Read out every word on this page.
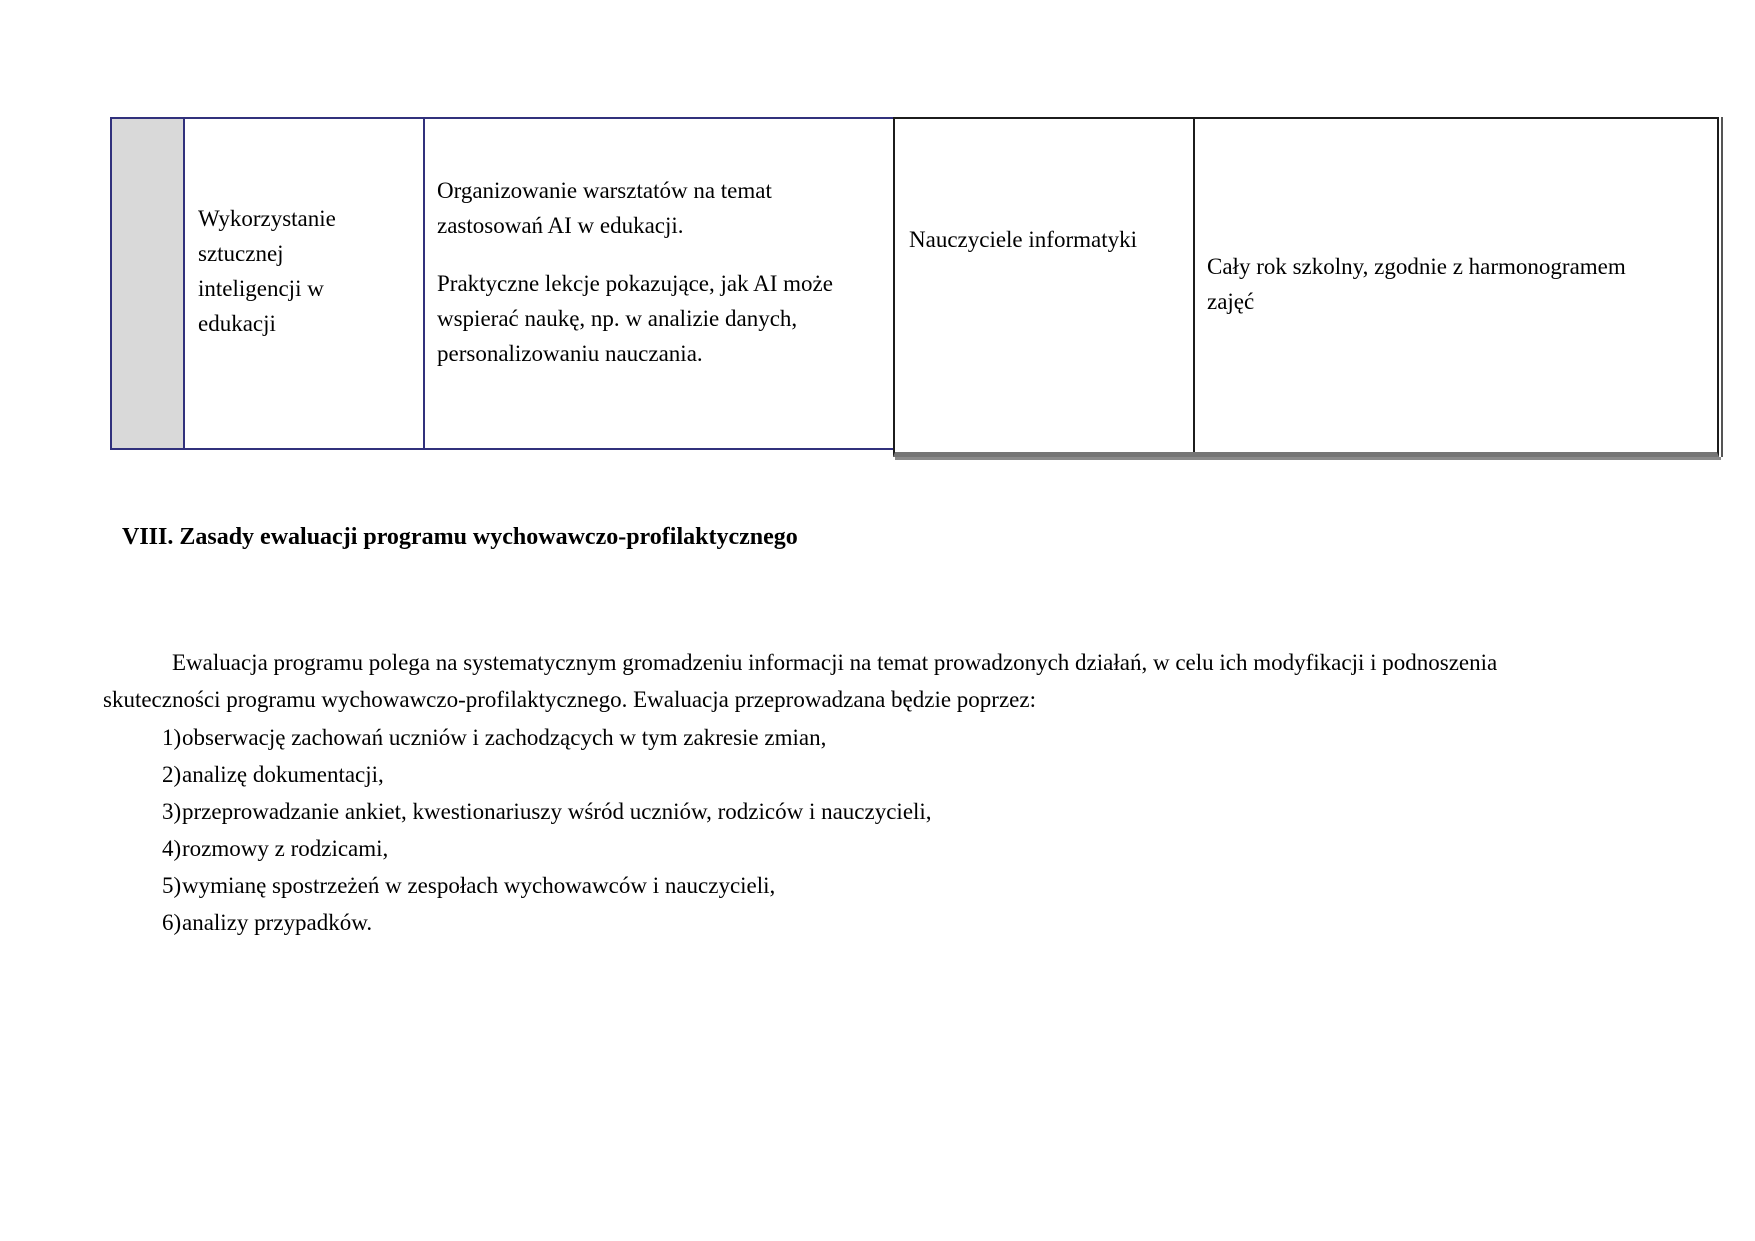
Wykorzystanie
sztucznej
inteligencji w
edukacji
Organizowanie warsztatów na temat
zastosowań AI w edukacji.
Praktyczne lekcje pokazujące, jak AI może
wspierać naukę, np. w analizie danych,
personalizowaniu nauczania.
Nauczyciele informatyki
Cały rok szkolny, zgodnie z harmonogramem
zajęć
VIII. Zasady ewaluacji programu wychowawczo-profilaktycznego
Ewaluacja programu polega na systematycznym gromadzeniu informacji na temat prowadzonych działań, w celu ich modyfikacji i podnoszenia
skuteczności programu wychowawczo-profilaktycznego. Ewaluacja przeprowadzana będzie poprzez:
1) obserwację zachowań uczniów i zachodzących w tym zakresie zmian,
2) analizę dokumentacji,
3) przeprowadzanie ankiet, kwestionariuszy wśród uczniów, rodziców i nauczycieli,
4) rozmowy z rodzicami,
5) wymianę spostrzeżeń w zespołach wychowawców i nauczycieli,
6) analizy przypadków.
